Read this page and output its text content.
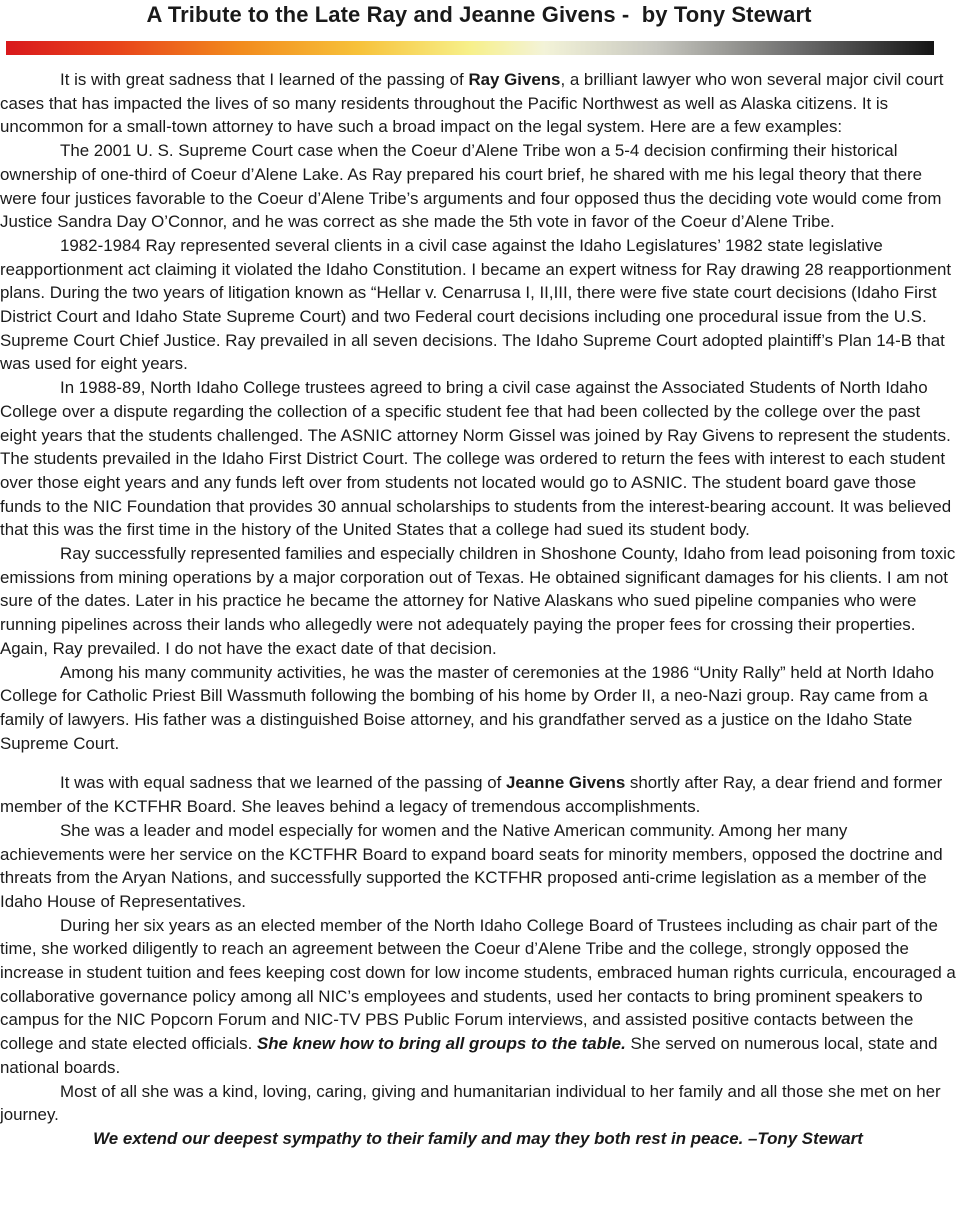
A Tribute to the Late Ray and Jeanne Givens -  by Tony Stewart

It is with great sadness that I learned of the passing of Ray Givens, a brilliant lawyer who won several major civil court cases that has impacted the lives of so many residents throughout the Pacific Northwest as well as Alaska citizens. It is uncommon for a small-town attorney to have such a broad impact on the legal system. Here are a few examples:

The 2001 U. S. Supreme Court case when the Coeur d’Alene Tribe won a 5-4 decision confirming their historical ownership of one-third of Coeur d’Alene Lake. As Ray prepared his court brief, he shared with me his legal theory that there were four justices favorable to the Coeur d’Alene Tribe’s arguments and four opposed thus the deciding vote would come from Justice Sandra Day O’Connor, and he was correct as she made the 5th vote in favor of the Coeur d’Alene Tribe.

1982-1984 Ray represented several clients in a civil case against the Idaho Legislatures’ 1982 state legislative reapportionment act claiming it violated the Idaho Constitution. I became an expert witness for Ray drawing 28 reapportionment plans. During the two years of litigation known as “Hellar v. Cenarrusa I, II,III, there were five state court decisions (Idaho First District Court and Idaho State Supreme Court) and two Federal court decisions including one procedural issue from the U.S. Supreme Court Chief Justice. Ray prevailed in all seven decisions. The Idaho Supreme Court adopted plaintiff’s Plan 14-B that was used for eight years.

In 1988-89, North Idaho College trustees agreed to bring a civil case against the Associated Students of North Idaho College over a dispute regarding the collection of a specific student fee that had been collected by the college over the past eight years that the students challenged. The ASNIC attorney Norm Gissel was joined by Ray Givens to represent the students. The students prevailed in the Idaho First District Court. The college was ordered to return the fees with interest to each student over those eight years and any funds left over from students not located would go to ASNIC. The student board gave those funds to the NIC Foundation that provides 30 annual scholarships to students from the interest-bearing account. It was believed that this was the first time in the history of the United States that a college had sued its student body.

Ray successfully represented families and especially children in Shoshone County, Idaho from lead poisoning from toxic emissions from mining operations by a major corporation out of Texas. He obtained significant damages for his clients. I am not sure of the dates. Later in his practice he became the attorney for Native Alaskans who sued pipeline companies who were running pipelines across their lands who allegedly were not adequately paying the proper fees for crossing their properties. Again, Ray prevailed. I do not have the exact date of that decision.

Among his many community activities, he was the master of ceremonies at the 1986 “Unity Rally” held at North Idaho College for Catholic Priest Bill Wassmuth following the bombing of his home by Order II, a neo-Nazi group. Ray came from a family of lawyers. His father was a distinguished Boise attorney, and his grandfather served as a justice on the Idaho State Supreme Court.

It was with equal sadness that we learned of the passing of Jeanne Givens shortly after Ray, a dear friend and former member of the KCTFHR Board. She leaves behind a legacy of tremendous accomplishments.

She was a leader and model especially for women and the Native American community. Among her many achievements were her service on the KCTFHR Board to expand board seats for minority members, opposed the doctrine and threats from the Aryan Nations, and successfully supported the KCTFHR proposed anti-crime legislation as a member of the Idaho House of Representatives.

During her six years as an elected member of the North Idaho College Board of Trustees including as chair part of the time, she worked diligently to reach an agreement between the Coeur d’Alene Tribe and the college, strongly opposed the increase in student tuition and fees keeping cost down for low income students, embraced human rights curricula, encouraged a collaborative governance policy among all NIC’s employees and students, used her contacts to bring prominent speakers to campus for the NIC Popcorn Forum and NIC-TV PBS Public Forum interviews, and assisted positive contacts between the college and state elected officials. She knew how to bring all groups to the table. She served on numerous local, state and national boards.

Most of all she was a kind, loving, caring, giving and humanitarian individual to her family and all those she met on her journey.

We extend our deepest sympathy to their family and may they both rest in peace. –Tony Stewart
